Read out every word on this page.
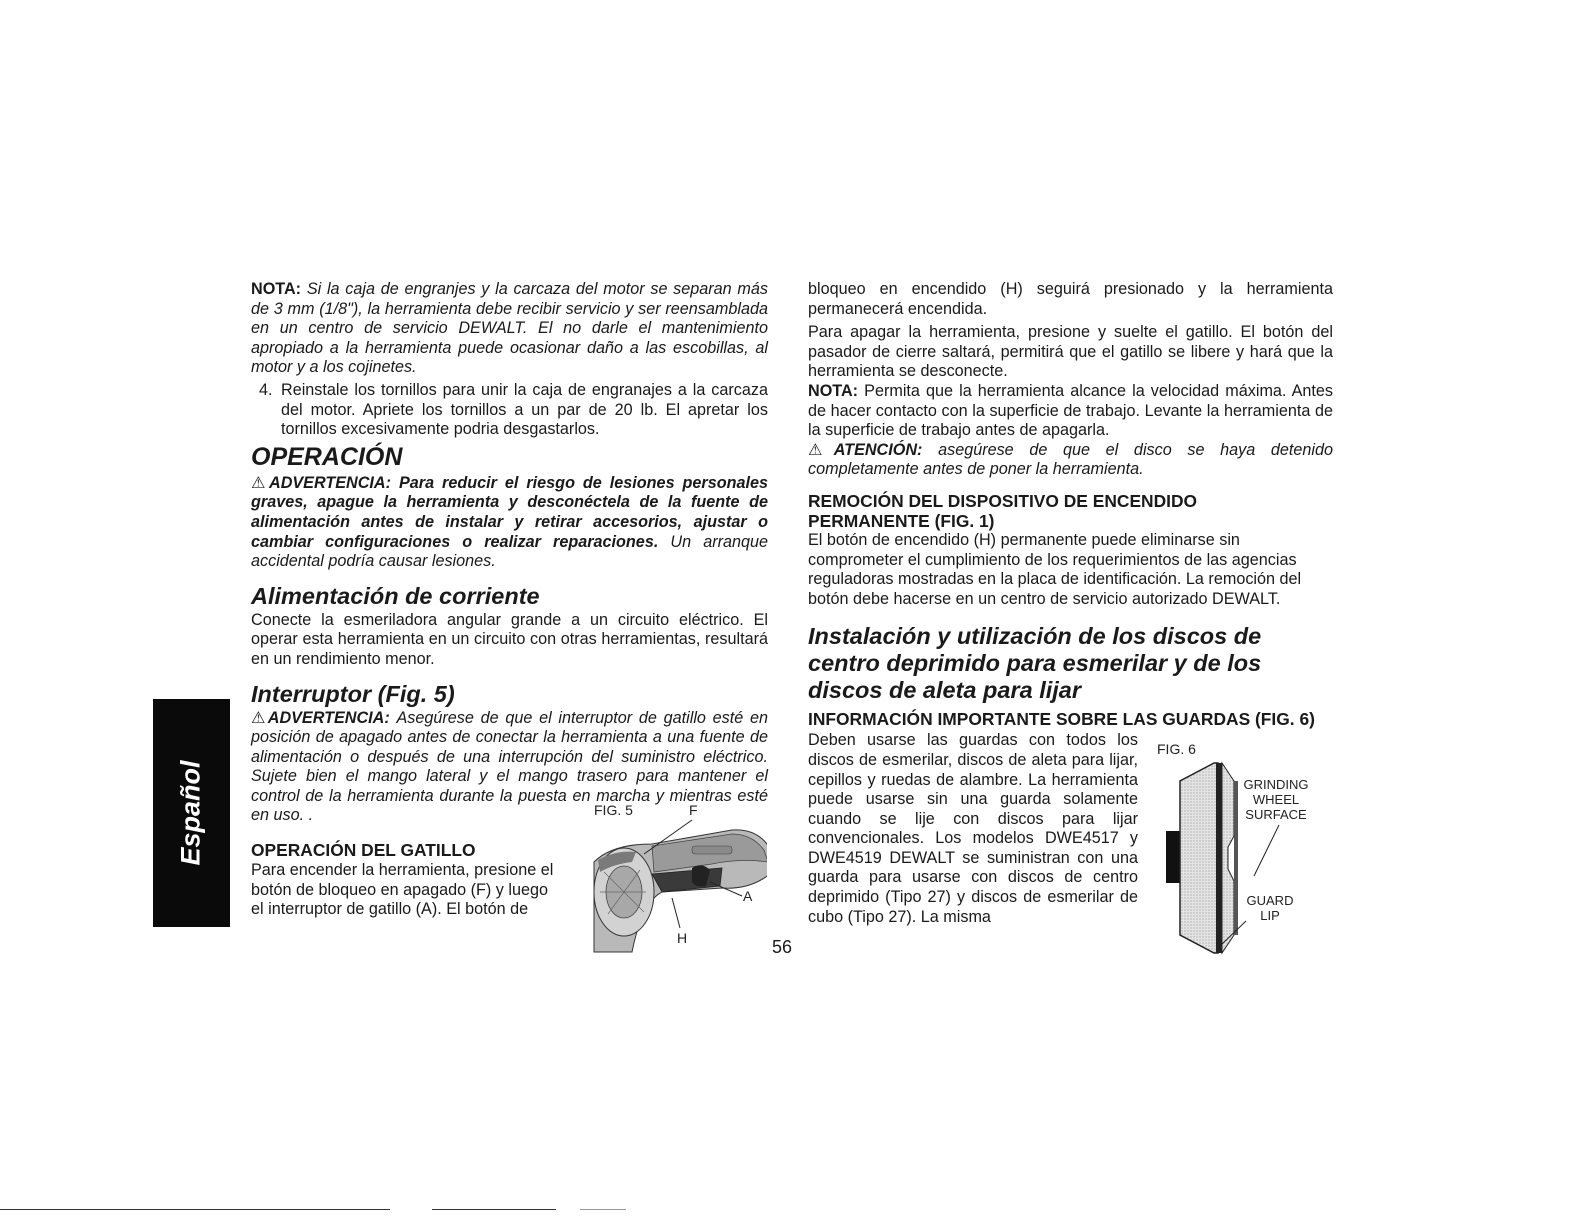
Español

NOTA: Si la caja de engranjes y la carcaza del motor se separan más de 3 mm (1/8"), la herramienta debe recibir servicio y ser reensamblada en un centro de servicio DEWALT. El no darle el mantenimiento apropiado a la herramienta puede ocasionar daño a las escobillas, al motor y a los cojinetes.

4. Reinstale los tornillos para unir la caja de engranajes a la carcaza del motor. Apriete los tornillos a un par de 20 lb. El apretar los tornillos excesivamente podria desgastarlos.
OPERACIÓN

⚠ADVERTENCIA: Para reducir el riesgo de lesiones personales graves, apague la herramienta y desconéctela de la fuente de alimentación antes de instalar y retirar accesorios, ajustar o cambiar configuraciones o realizar reparaciones. Un arranque accidental podría causar lesiones.

Alimentación de corriente

Conecte la esmeriladora angular grande a un circuito eléctrico. El operar esta herramienta en un circuito con otras herramientas, resultará en un rendimiento menor.

Interruptor (Fig. 5)

⚠ADVERTENCIA: Asegúrese de que el interruptor de gatillo esté en posición de apagado antes de conectar la herramienta a una fuente de alimentación o después de una interrupción del suministro eléctrico. Sujete bien el mango lateral y el mango trasero para mantener el control de la herramienta durante la puesta en marcha y mientras esté en uso. .

OPERACIÓN DEL GATILLO

Para encender la herramienta, presione el botón de bloqueo en apagado (F) y luego el interruptor de gatillo (A). El botón de

FIG. 5	F
A
H	56

bloqueo en encendido (H) seguirá presionado y la herramienta permanecerá encendida.

Para apagar la herramienta, presione y suelte el gatillo. El botón del pasador de cierre saltará, permitirá que el gatillo se libere y hará que la herramienta se desconecte.

NOTA: Permita que la herramienta alcance la velocidad máxima. Antes de hacer contacto con la superficie de trabajo. Levante la herramienta de la superficie de trabajo antes de apagarla.

⚠ATENCIÓN: asegúrese de que el disco se haya detenido completamente antes de poner la herramienta.

REMOCIÓN DEL DISPOSITIVO DE ENCENDIDO PERMANENTE (FIG. 1)

El botón de encendido (H) permanente puede eliminarse sin comprometer el cumplimiento de los requerimientos de las agencias reguladoras mostradas en la placa de identificación. La remoción del botón debe hacerse en un centro de servicio autorizado DEWALT.

Instalación y utilización de los discos de centro deprimido para esmerilar y de los discos de aleta para lijar
INFORMACIÓN IMPORTANTE SOBRE LAS GUARDAS (FIG. 6)

Deben usarse las guardas con todos los discos de esmerilar, discos de aleta para lijar, cepillos y ruedas de alambre. La herramienta puede usarse sin una guarda solamente cuando se lije con discos para lijar convencionales. Los modelos DWE4517 y DWE4519 DEWALT se suministran con una guarda para usarse con discos de centro deprimido (Tipo 27) y discos de esmerilar de cubo (Tipo 27). La misma

FIG. 6
GRINDING
WHEEL
SURFACE
GUARD
LIP
